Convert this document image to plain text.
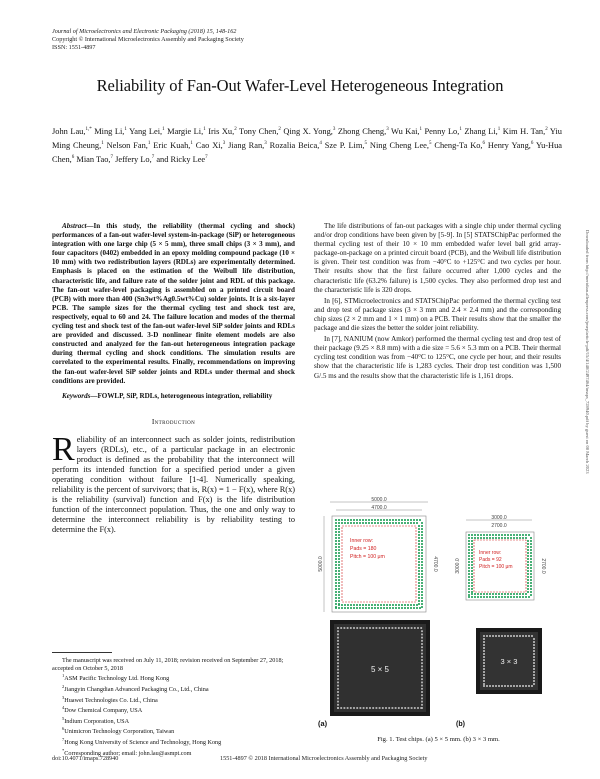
Journal of Microelectronics and Electronic Packaging (2018) 15, 148-162
Copyright © International Microelectronics Assembly and Packaging Society
ISSN: 1551-4897
Reliability of Fan-Out Wafer-Level Heterogeneous Integration
John Lau,$^{1,*}$ Ming Li,$^1$ Yang Lei,$^1$ Margie Li,$^1$ Iris Xu,$^2$ Tony Chen,$^2$ Qing X. Yong,$^3$ Zhong Cheng,$^3$ Wu Kai,$^1$ Penny Lo,$^1$ Zhang Li,$^1$ Kim H. Tan,$^2$ Yiu Ming Cheung,$^1$ Nelson Fan,$^1$ Eric Kuah,$^1$ Cao Xi,$^3$ Jiang Ran,$^3$ Rozalia Beica,$^4$ Sze P. Lim,$^5$ Ning Cheng Lee,$^5$ Cheng-Ta Ko,$^6$ Henry Yang,$^6$ Yu-Hua Chen,$^6$ Mian Tao,$^7$ Jeffery Lo,$^7$ and Ricky Lee$^7$
Abstract—In this study, the reliability (thermal cycling and shock) performances of a fan-out wafer-level system-in-package (SiP) or heterogeneous integration with one large chip (5 × 5 mm), three small chips (3 × 3 mm), and four capacitors (0402) embedded in an epoxy molding compound package (10 × 10 mm) with two redistribution layers (RDLs) are experimentally determined. Emphasis is placed on the estimation of the Weibull life distribution, characteristic life, and failure rate of the solder joint and RDL of this package. The fan-out wafer-level packaging is assembled on a printed circuit board (PCB) with more than 400 (Sn3wt%Ag0.5wt%Cu) solder joints. It is a six-layer PCB. The sample sizes for the thermal cycling test and shock test are, respectively, equal to 60 and 24. The failure location and modes of the thermal cycling test and shock test of the fan-out wafer-level SiP solder joints and RDLs are provided and discussed. 3-D nonlinear finite element models are also constructed and analyzed for the fan-out heterogeneous integration package during thermal cycling and shock conditions. The simulation results are correlated to the experimental results. Finally, recommendations on improving the fan-out wafer-level SiP solder joints and RDLs under thermal and shock conditions are provided.
Keywords—FOWLP, SiP, RDLs, heterogeneous integration, reliability
Introduction
Reliability of an interconnect such as solder joints, redistribution layers (RDLs), etc., of a particular package in an electronic product is defined as the probability that the interconnect will perform its intended function for a specified period under a given operating condition without failure [1-4]. Numerically speaking, reliability is the percent of survivors; that is, R(x) = 1 − F(x), where R(x) is the reliability (survival) function and F(x) is the life distribution function of the interconnect population. Thus, the one and only way to determine the interconnect reliability is by reliability testing to determine the F(x).
The manuscript was received on July 11, 2018; revision received on September 27, 2018; accepted on October 5, 2018
$^1$ASM Pacific Technology Ltd. Hong Kong
$^2$Jiangyin Changdian Advanced Packaging Co., Ltd., China
$^3$Huawei Technologies Co. Ltd., China
$^4$Dow Chemical Company, USA
$^5$Indium Corporation, USA
$^6$Unimicron Technology Corporation, Taiwan
$^7$Hong Kong University of Science and Technology, Hong Kong
*Corresponding author; email: john.lau@asmpt.com

The life distributions of fan-out packages with a single chip under thermal cycling and/or drop conditions have been given by [5-9]. In [5] STATSChipPac performed the thermal cycling test of their 10 × 10 mm embedded wafer level ball grid array-package-on-package on a printed circuit board (PCB), and the Weibull life distribution is given. Their test condition was from −40°C to +125°C and two cycles per hour. Their results show that the first failure occurred after 1,000 cycles and the characteristic life (63.2% failure) is 1,500 cycles. They also performed drop test and the characteristic life is 320 drops.

In [6], STMicroelectronics and STATSChipPac performed the thermal cycling test and drop test of package sizes (3 × 3 mm and 2.4 × 2.4 mm) and the corresponding chip sizes (2 × 2 mm and 1 × 1 mm) on a PCB. Their results show that the smaller the package and die sizes the better the solder joint reliability.

In [7], NANIUM (now Amkor) performed the thermal cycling test and drop test of their package (9.25 × 8.8 mm) with a die size = 5.6 × 5.3 mm on a PCB. Their thermal cycling test condition was from −40°C to 125°C, one cycle per hour, and their results show that the characteristic life is 1,283 cycles. Their drop test condition was 1,500 G/.5 ms and the results show that the characteristic life is 1,161 drops.

5000.0
4700.0
5000.0	4700.0
Inner row:
Pads = 180
Pitch = 100 μm
5 × 5
(a)
3000.0
2700.0
3000.0	2700.0
Inner row:
Pads = 92
Pitch = 100 μm
3 × 3
(b)
Fig. 1. Test chips. (a) 5 × 5 mm. (b) 3 × 3 mm.
Downloaded from http://meridian.allenpress.com/jmep/article-pdf/15/4/148/2497464/imaps_728940.pdf by guest on 08 March 2023
doi:10.4071/imaps.728940	1551-4897 © 2018 International Microelectronics Assembly and Packaging Society
